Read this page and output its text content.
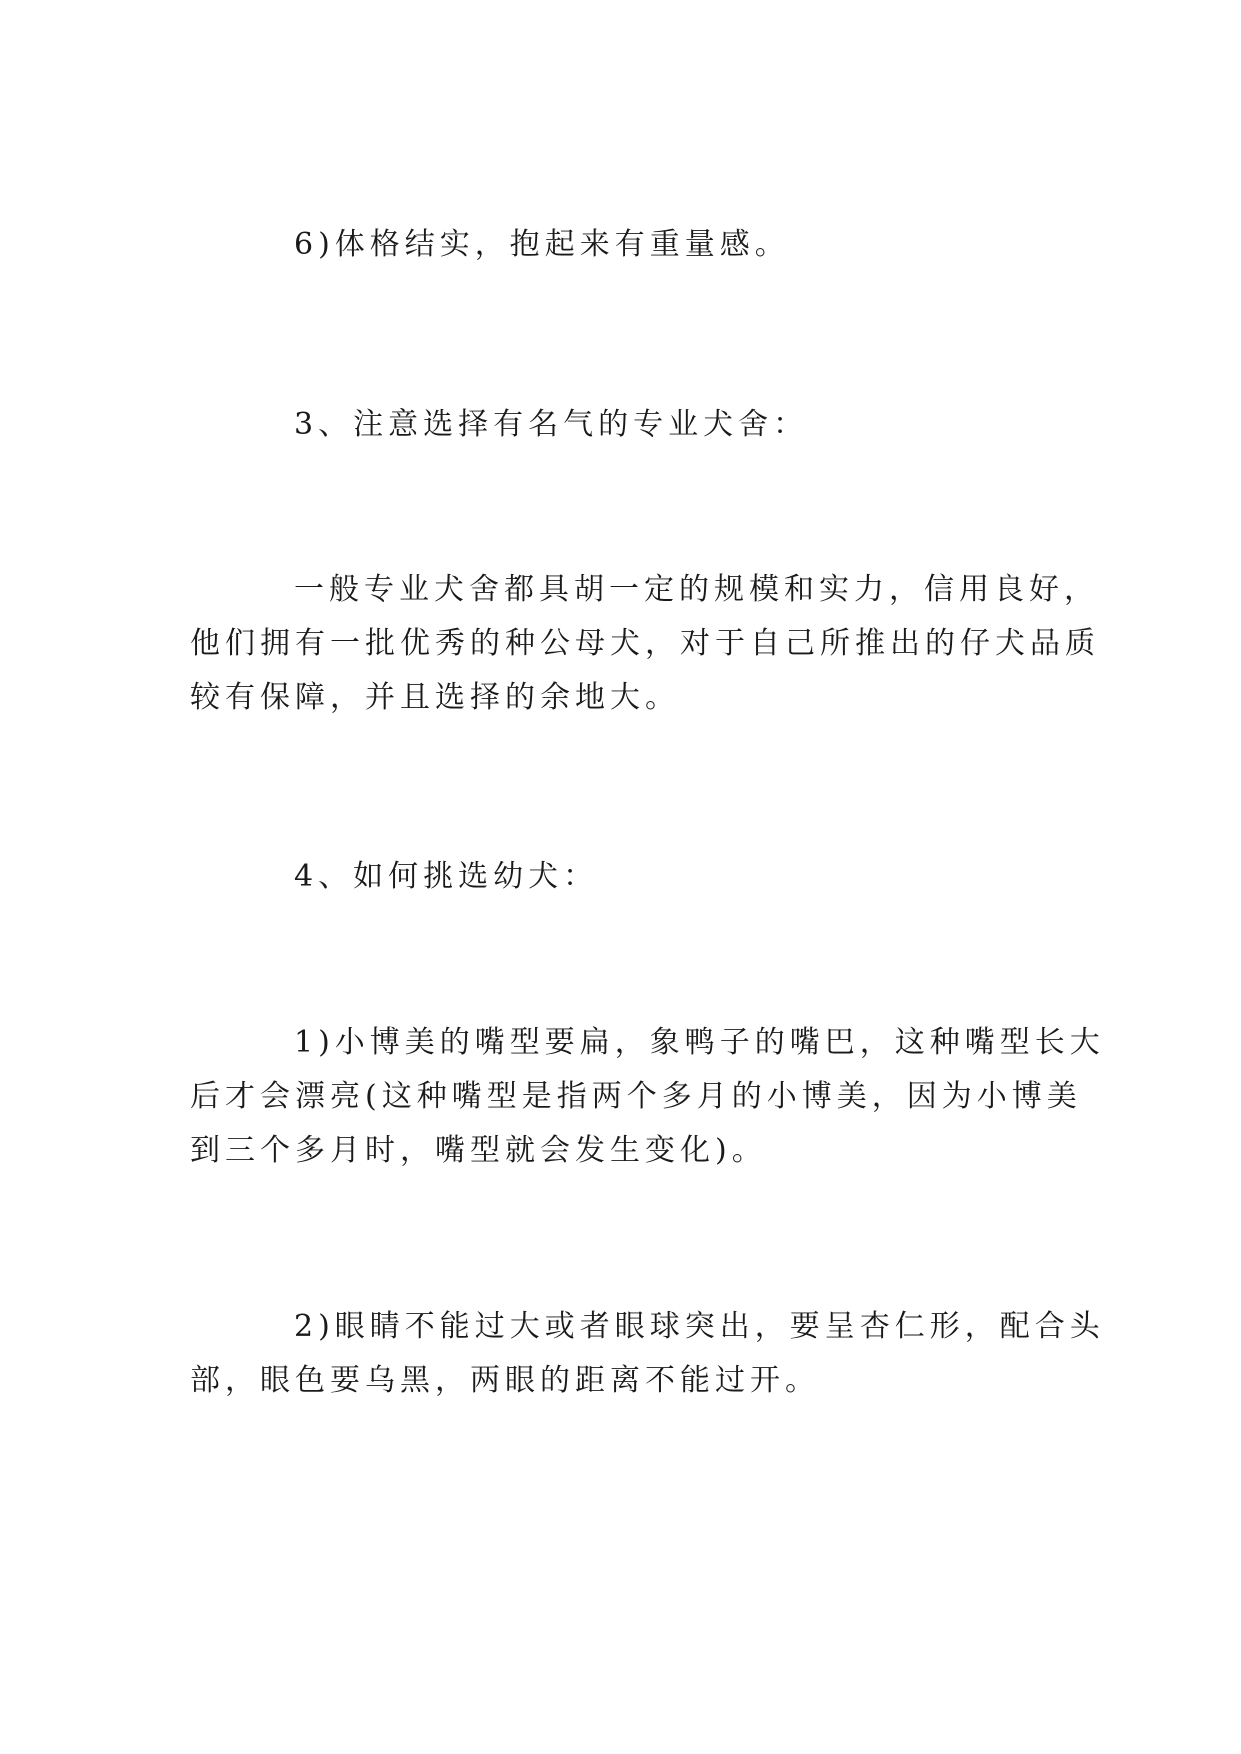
6)体格结实，抱起来有重量感。

3、注意选择有名气的专业犬舍：

一般专业犬舍都具胡一定的规模和实力，信用良好，
他们拥有一批优秀的种公母犬，对于自己所推出的仔犬品质
较有保障，并且选择的余地大。

4、如何挑选幼犬：

1)小博美的嘴型要扁，象鸭子的嘴巴，这种嘴型长大
后才会漂亮(这种嘴型是指两个多月的小博美，因为小博美
到三个多月时，嘴型就会发生变化)。

2)眼睛不能过大或者眼球突出，要呈杏仁形，配合头
部，眼色要乌黑，两眼的距离不能过开。
